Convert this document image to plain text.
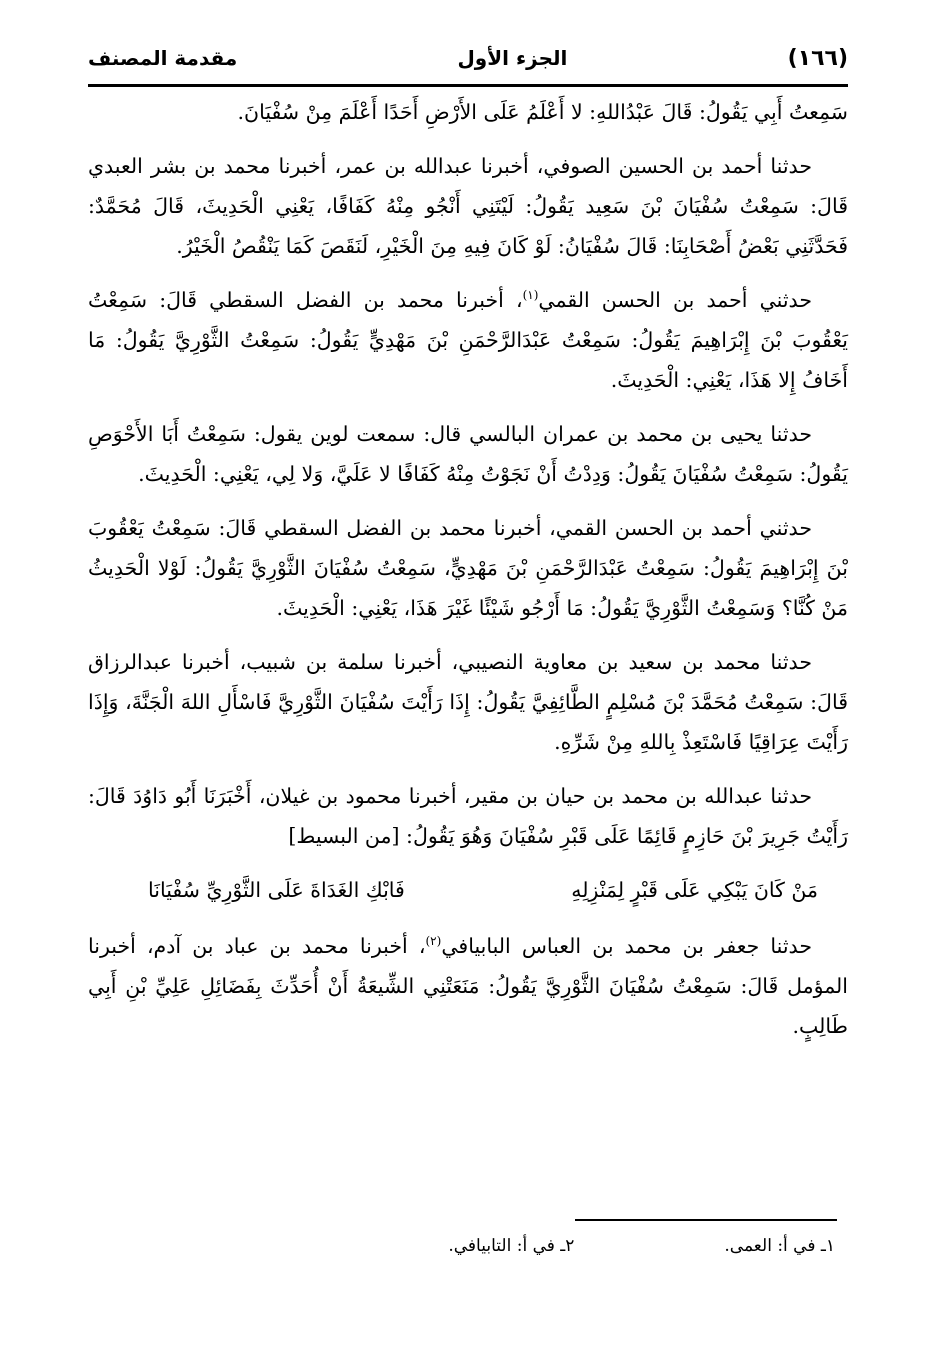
(١٦٦)
الجزء الأول
مقدمة المصنف

سَمِعتُ أَبِي يَقُولُ: قَالَ عَبْدُاللهِ: لا أَعْلَمُ عَلَى الأَرْضِ أَحَدًا أَعْلَمَ مِنْ سُفْيَانَ.

حدثنا أحمد بن الحسين الصوفي، أخبرنا عبدالله بن عمر، أخبرنا محمد بن بشر العبدي قَالَ: سَمِعْتُ سُفْيَانَ بْنَ سَعِيد يَقُولُ: لَيْتَنِي أَنْجُو مِنْهُ كَفَافًا، يَعْنِي الْحَدِيثَ، قَالَ مُحَمَّدٌ: فَحَدَّثَنِي بَعْضُ أَصْحَابِنَا: قَالَ سُفْيَانُ: لَوْ كَانَ فِيهِ مِنَ الْخَيْرِ، لَنَقَصَ كَمَا يَنْقُصُ الْخَيْرُ.

حدثني أحمد بن الحسن القمي$^{(١)}$، أخبرنا محمد بن الفضل السقطي قَالَ: سَمِعْتُ يَعْقُوبَ بْنَ إِبْرَاهِيمَ يَقُولُ: سَمِعْتُ عَبْدَالرَّحْمَنِ بْنَ مَهْدِيٍّ يَقُولُ: سَمِعْتُ الثَّوْرِيَّ يَقُولُ: مَا أَخَافُ إِلا هَذَا، يَعْنِي: الْحَدِيثَ.

حدثنا يحيى بن محمد بن عمران البالسي قال: سمعت لوين يقول: سَمِعْتُ أَبَا الأَحْوَصِ يَقُولُ: سَمِعْتُ سُفْيَانَ يَقُولُ: وَدِدْتُ أَنْ نَجَوْتُ مِنْهُ كَفَافًا لا عَلَيَّ، وَلا لِي، يَعْنِي: الْحَدِيثَ.

حدثني أحمد بن الحسن القمي، أخبرنا محمد بن الفضل السقطي قَالَ: سَمِعْتُ يَعْقُوبَ بْنَ إِبْرَاهِيمَ يَقُولُ: سَمِعْتُ عَبْدَالرَّحْمَنِ بْنَ مَهْدِيٍّ، سَمِعْتُ سُفْيَانَ الثَّوْرِيَّ يَقُولُ: لَوْلا الْحَدِيثُ مَنْ كُنَّا؟ وَسَمِعْتُ الثَّوْرِيَّ يَقُولُ: مَا أَرْجُو شَيْئًا غَيْرَ هَذَا، يَعْنِي: الْحَدِيثَ.

حدثنا محمد بن سعيد بن معاوية النصيبي، أخبرنا سلمة بن شبيب، أخبرنا عبدالرزاق قَالَ: سَمِعْتُ مُحَمَّدَ بْنَ مُسْلِمٍ الطَّائِفِيَّ يَقُولُ: إِذَا رَأَيْتَ سُفْيَانَ الثَّوْرِيَّ فَاسْأَلِ اللهَ الْجَنَّةَ، وَإِذَا رَأَيْتَ عِرَاقِيًا فَاسْتَعِذْ بِاللهِ مِنْ شَرِّهِ.

حدثنا عبدالله بن محمد بن حيان بن مقير، أخبرنا محمود بن غيلان، أَخْبَرَنَا أَبُو دَاوُدَ قَالَ: رَأَيْتُ جَرِيرَ بْنَ حَازِمٍ قَائِمًا عَلَى قَبْرِ سُفْيَانَ وَهُوَ يَقُولُ: [من البسيط]

مَنْ كَانَ يَبْكِي عَلَى قَبْرٍ لِمَنْزِلِهِ
فَابْكِ الغَدَاةَ عَلَى الثَّوْرِيِّ سُفْيَانَا

حدثنا جعفر بن محمد بن العباس البابيافي$^{(٢)}$، أخبرنا محمد بن عباد بن آدم، أخبرنا المؤمل قَالَ: سَمِعْتُ سُفْيَانَ الثَّوْرِيَّ يَقُولُ: مَنَعَتْنِي الشِّيعَةُ أَنْ أُحَدِّثَ بِفَضَائِلِ عَلِيِّ بْنِ أَبِي طَالِبٍ.

١ـ في أ: العمى.
٢ـ في أ: التابيافي.
